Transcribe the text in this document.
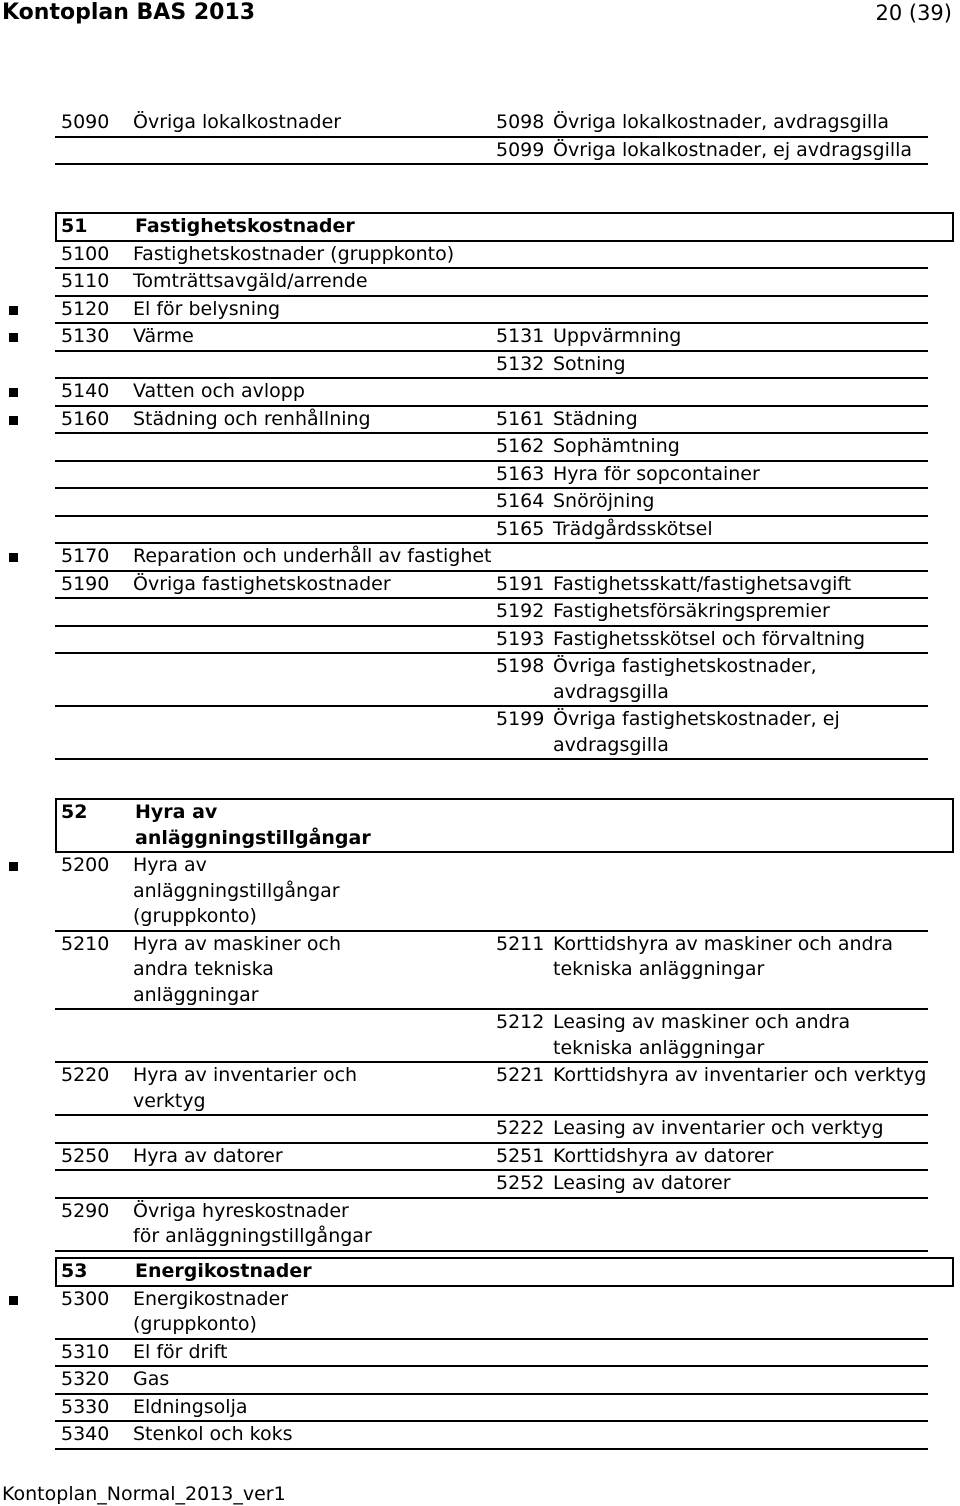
Kontoplan BAS 2013	20 (39)
5090	Övriga lokalkostnader	5098 Övriga lokalkostnader, avdragsgilla
5099 Övriga lokalkostnader, ej avdragsgilla
51	Fastighetskostnader
5100	Fastighetskostnader (gruppkonto)
5110	Tomträttsavgäld/arrende
5120	El för belysning
5130	Värme	5131 Uppvärmning
5132 Sotning
5140	Vatten och avlopp
5160	Städning och renhållning	5161 Städning
5162 Sophämtning
5163 Hyra för sopcontainer
5164 Snöröjning
5165 Trädgårdsskötsel
5170	Reparation och underhåll av fastighet
5190	Övriga fastighetskostnader	5191 Fastighetsskatt/fastighetsavgift
5192 Fastighetsförsäkringspremier
5193 Fastighetsskötsel och förvaltning
5198 Övriga fastighetskostnader, avdragsgilla
5199 Övriga fastighetskostnader, ej avdragsgilla
52	Hyra av anläggningstillgångar
5200	Hyra av anläggningstillgångar (gruppkonto)
5210	Hyra av maskiner och andra tekniska anläggningar
5211 Korttidshyra av maskiner och andra tekniska anläggningar
5212 Leasing av maskiner och andra tekniska anläggningar
5220	Hyra av inventarier och verktyg
5221 Korttidshyra av inventarier och verktyg
5222 Leasing av inventarier och verktyg
5250	Hyra av datorer	5251 Korttidshyra av datorer
5252 Leasing av datorer
5290	Övriga hyreskostnader för anläggningstillgångar
53	Energikostnader
5300	Energikostnader (gruppkonto)
5310	El för drift
5320	Gas
5330	Eldningsolja
5340	Stenkol och koks
Kontoplan_Normal_2013_ver1
